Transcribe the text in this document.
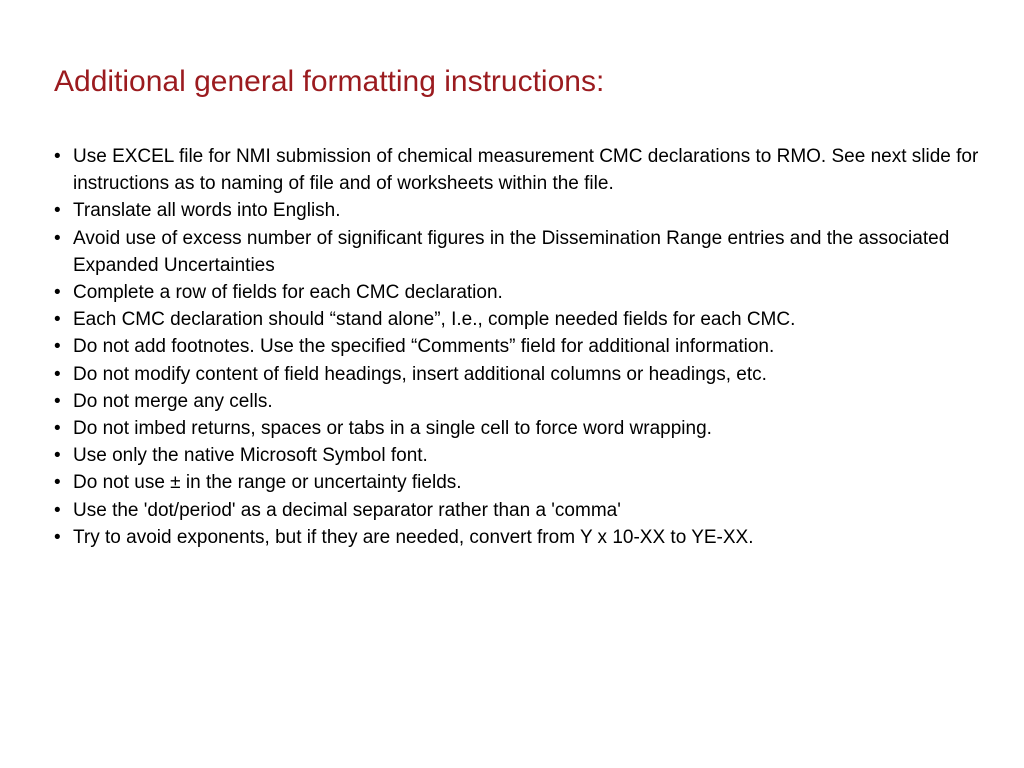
Additional general formatting instructions:
• Use EXCEL file for NMI submission of chemical measurement CMC declarations to RMO. See next slide for instructions as to naming of file and of worksheets within the file.
• Translate all words into English.
• Avoid use of excess number of significant figures in the Dissemination Range entries and the associated Expanded Uncertainties
• Complete a row of fields for each CMC declaration.
• Each CMC declaration should “stand alone”, I.e., comple needed fields for each CMC.
• Do not add footnotes. Use the specified “Comments” field for additional information.
• Do not modify content of field headings, insert additional columns or headings, etc.
• Do not merge any cells.
• Do not imbed returns, spaces or tabs in a single cell to force word wrapping.
• Use only the native Microsoft Symbol font.
• Do not use ± in the range or uncertainty fields.
• Use the 'dot/period' as a decimal separator rather than a 'comma'
• Try to avoid exponents, but if they are needed, convert from Y x 10-XX to YE-XX.
